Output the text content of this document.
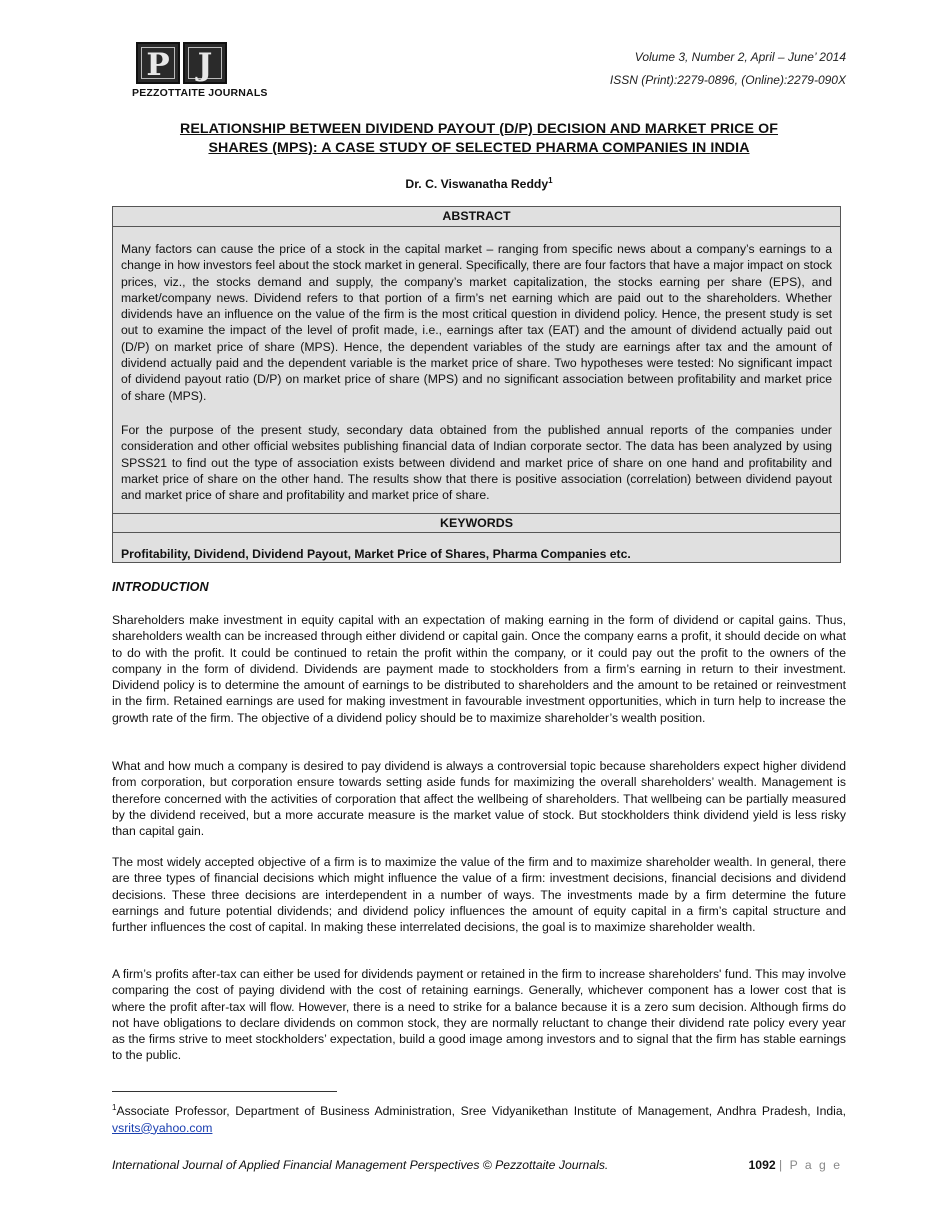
P J
PEZZOTTAITE JOURNALS
Volume 3, Number 2, April – June’ 2014
ISSN (Print):2279-0896, (Online):2279-090X
RELATIONSHIP BETWEEN DIVIDEND PAYOUT (D/P) DECISION AND MARKET PRICE OF
SHARES (MPS): A CASE STUDY OF SELECTED PHARMA COMPANIES IN INDIA
Dr. C. Viswanatha Reddy$^1$
ABSTRACT

Many factors can cause the price of a stock in the capital market – ranging from specific news about a company’s earnings to a change in how investors feel about the stock market in general. Specifically, there are four factors that have a major impact on stock prices, viz., the stocks demand and supply, the company’s market capitalization, the stocks earning per share (EPS), and market/company news. Dividend refers to that portion of a firm’s net earning which are paid out to the shareholders. Whether dividends have an influence on the value of the firm is the most critical question in dividend policy. Hence, the present study is set out to examine the impact of the level of profit made, i.e., earnings after tax (EAT) and the amount of dividend actually paid out (D/P) on market price of share (MPS). Hence, the dependent variables of the study are earnings after tax and the amount of dividend actually paid and the dependent variable is the market price of share. Two hypotheses were tested: No significant impact of dividend payout ratio (D/P) on market price of share (MPS) and no significant association between profitability and market price of share (MPS).

For the purpose of the present study, secondary data obtained from the published annual reports of the companies under consideration and other official websites publishing financial data of Indian corporate sector. The data has been analyzed by using SPSS21 to find out the type of association exists between dividend and market price of share on one hand and profitability and market price of share on the other hand. The results show that there is positive association (correlation) between dividend payout and market price of share and profitability and market price of share.

KEYWORDS
Profitability, Dividend, Dividend Payout, Market Price of Shares, Pharma Companies etc.
INTRODUCTION

Shareholders make investment in equity capital with an expectation of making earning in the form of dividend or capital gains. Thus, shareholders wealth can be increased through either dividend or capital gain. Once the company earns a profit, it should decide on what to do with the profit. It could be continued to retain the profit within the company, or it could pay out the profit to the owners of the company in the form of dividend. Dividends are payment made to stockholders from a firm’s earning in return to their investment. Dividend policy is to determine the amount of earnings to be distributed to shareholders and the amount to be retained or reinvestment in the firm. Retained earnings are used for making investment in favourable investment opportunities, which in turn help to increase the growth rate of the firm. The objective of a dividend policy should be to maximize shareholder’s wealth position.

What and how much a company is desired to pay dividend is always a controversial topic because shareholders expect higher dividend from corporation, but corporation ensure towards setting aside funds for maximizing the overall shareholders’ wealth. Management is therefore concerned with the activities of corporation that affect the wellbeing of shareholders. That wellbeing can be partially measured by the dividend received, but a more accurate measure is the market value of stock. But stockholders think dividend yield is less risky than capital gain.

The most widely accepted objective of a firm is to maximize the value of the firm and to maximize shareholder wealth. In general, there are three types of financial decisions which might influence the value of a firm: investment decisions, financial decisions and dividend decisions. These three decisions are interdependent in a number of ways. The investments made by a firm determine the future earnings and future potential dividends; and dividend policy influences the amount of equity capital in a firm’s capital structure and further influences the cost of capital. In making these interrelated decisions, the goal is to maximize shareholder wealth.

A firm’s profits after-tax can either be used for dividends payment or retained in the firm to increase shareholders' fund. This may involve comparing the cost of paying dividend with the cost of retaining earnings. Generally, whichever component has a lower cost that is where the profit after-tax will flow. However, there is a need to strike for a balance because it is a zero sum decision. Although firms do not have obligations to declare dividends on common stock, they are normally reluctant to change their dividend rate policy every year as the firms strive to meet stockholders’ expectation, build a good image among investors and to signal that the firm has stable earnings to the public.

$^1$Associate Professor, Department of Business Administration, Sree Vidyanikethan Institute of Management, Andhra Pradesh, India, vsrits@yahoo.com
International Journal of Applied Financial Management Perspectives © Pezzottaite Journals.	1092 | P a g e
